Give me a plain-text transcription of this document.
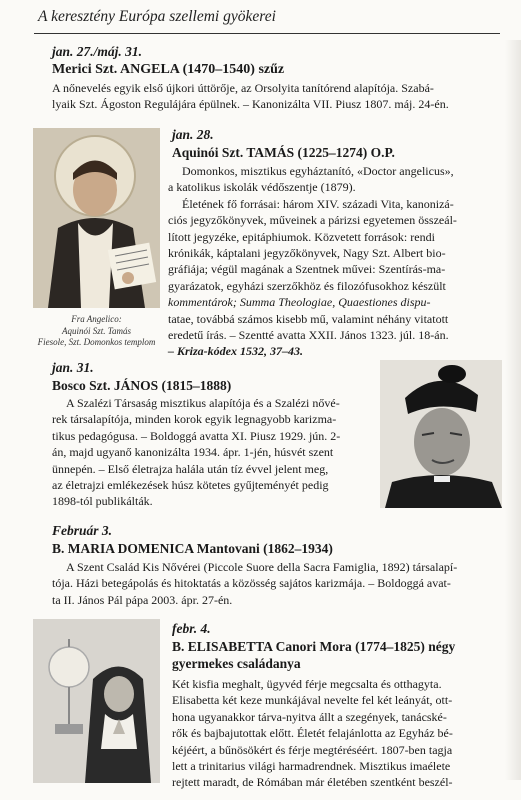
A keresztény Európa szellemi gyökerei
jan. 27./máj. 31.
Merici Szt. ANGELA (1470–1540) szűz
A nőnevelés egyik első újkori úttörője, az Orsolyita tanítórend alapítója. Szabá-
lyaik Szt. Ágoston Regulájára épülnek. – Kanonizálta VII. Piusz 1807. máj. 24-én.
Fra Angelico:
Aquinói Szt. Tamás
Fiesole, Szt. Domonkos templom
jan. 28.
Aquinói Szt. TAMÁS (1225–1274) O.P.
Domonkos, misztikus egyháztanító, «Doctor angelicus»,
a katolikus iskolák védőszentje (1879).
Életének fő forrásai: három XIV. századi Vita, kanonizá-
ciós jegyzőkönyvek, műveinek a párizsi egyetemen összeál-
lított jegyzéke, epitáphiumok. Közvetett források: rendi
krónikák, káptalani jegyzőkönyvek, Nagy Szt. Albert bio-
gráfiája; végül magának a Szentnek művei: Szentírás-ma-
gyarázatok, egyházi szerzőkhöz és filozófusokhoz készült
kommentárok; Summa Theologiae, Quaestiones dispu-
tatae, továbbá számos kisebb mű, valamint néhány vitatott
eredetű írás. – Szentté avatta XXII. János 1323. júl. 18-án.
– Kriza-kódex 1532, 37–43.
jan. 31.
Bosco Szt. JÁNOS (1815–1888)
A Szalézi Társaság misztikus alapítója és a Szalézi nővé-
rek társalapítója, minden korok egyik legnagyobb karizma-
tikus pedagógusa. – Boldoggá avatta XI. Piusz 1929. jún. 2-
án, majd ugyanő kanonizálta 1934. ápr. 1-jén, húsvét szent
ünnepén. – Első életrajza halála után tíz évvel jelent meg,
az életrajzi emlékezések húsz kötetes gyűjteményét pedig
1898-tól publikálták.
Február 3.
B. MARIA DOMENICA Mantovani (1862–1934)
A Szent Család Kis Nővérei (Piccole Suore della Sacra Famiglia, 1892) társalapí-
tója. Házi betegápolás és hitoktatás a közösség sajátos karizmája. – Boldoggá avat-
ta II. János Pál pápa 2003. ápr. 27-én.
febr. 4.
B. ELISABETTA Canori Mora (1774–1825) négy gyermekes családanya
Két kisfia meghalt, ügyvéd férje megcsalta és otthagyta.
Elisabetta két keze munkájával nevelte fel két leányát, ott-
hona ugyanakkor tárva-nyitva állt a szegények, tanácské-
rők és bajbajutottak előtt. Életét felajánlotta az Egyház bé-
kéjéért, a bűnösökért és férje megtéréséért. 1807-ben tagja
lett a trinitarius világi harmadrendnek. Misztikus imaélete
rejtett maradt, de Rómában már életében szentként beszél-
